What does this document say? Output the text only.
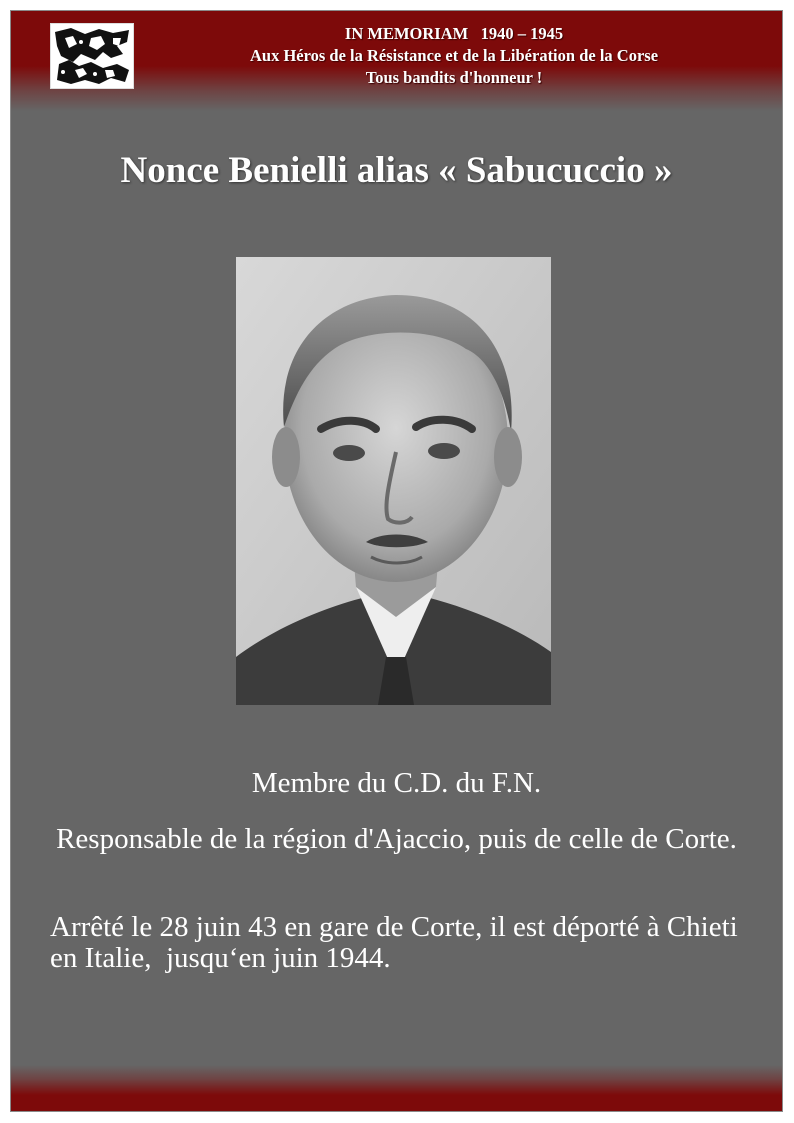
IN MEMORIAM   1940 – 1945
Aux Héros de la Résistance et de la Libération de la Corse
Tous bandits d'honneur !
Nonce Benielli alias « Sabucuccio »
Membre du C.D. du F.N.
Responsable de la région d'Ajaccio, puis de celle de Corte.
Arrêté le 28 juin 43 en gare de Corte, il est déporté à Chieti en Italie,  jusqu‘en juin 1944.
